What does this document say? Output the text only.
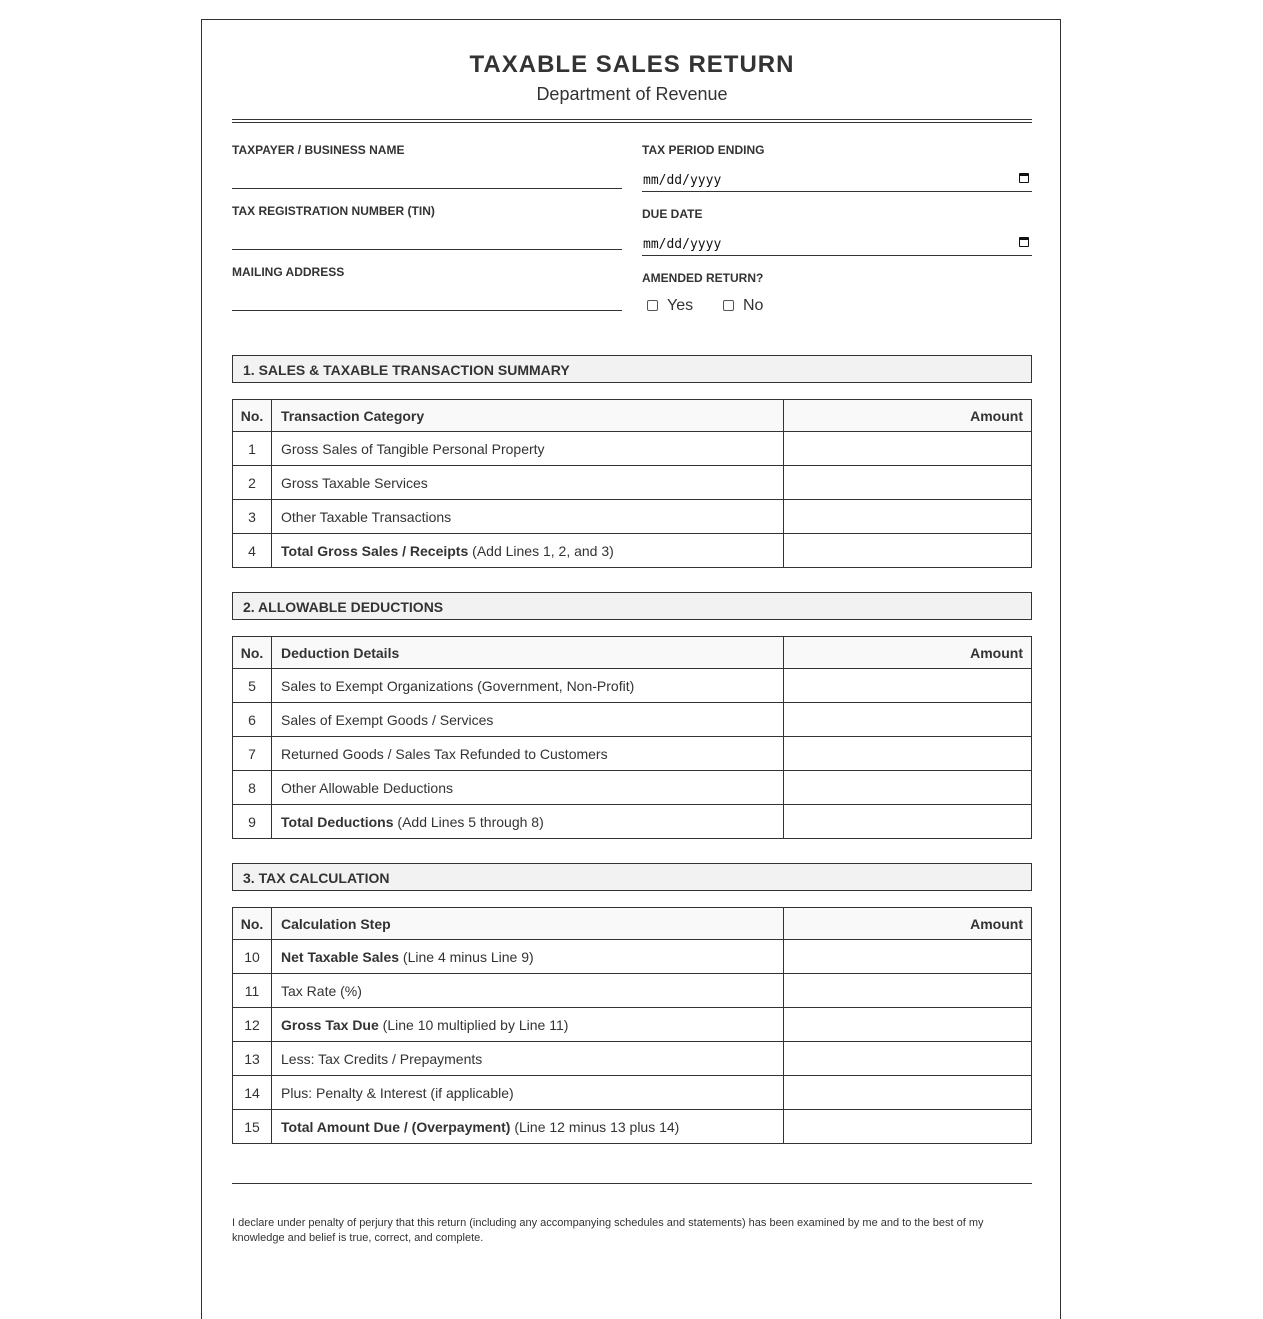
TAXABLE SALES RETURN
Department of Revenue
TAXPAYER / BUSINESS NAME
TAX REGISTRATION NUMBER (TIN)
MAILING ADDRESS
TAX PERIOD ENDING
mm/dd/yyyy
DUE DATE
mm/dd/yyyy
AMENDED RETURN?
Yes	No
1. SALES & TAXABLE TRANSACTION SUMMARY
No.	Transaction Category	Amount
1	Gross Sales of Tangible Personal Property	
2	Gross Taxable Services	
3	Other Taxable Transactions	
4	Total Gross Sales / Receipts (Add Lines 1, 2, and 3)	
2. ALLOWABLE DEDUCTIONS
No.	Deduction Details	Amount
5	Sales to Exempt Organizations (Government, Non-Profit)	
6	Sales of Exempt Goods / Services	
7	Returned Goods / Sales Tax Refunded to Customers	
8	Other Allowable Deductions	
9	Total Deductions (Add Lines 5 through 8)	
3. TAX CALCULATION
No.	Calculation Step	Amount
10	Net Taxable Sales (Line 4 minus Line 9)	
11	Tax Rate (%)	
12	Gross Tax Due (Line 10 multiplied by Line 11)	
13	Less: Tax Credits / Prepayments	
14	Plus: Penalty & Interest (if applicable)	
15	Total Amount Due / (Overpayment) (Line 12 minus 13 plus 14)	
I declare under penalty of perjury that this return (including any accompanying schedules and statements) has been examined by me and to the best of my knowledge and belief is true, correct, and complete.
